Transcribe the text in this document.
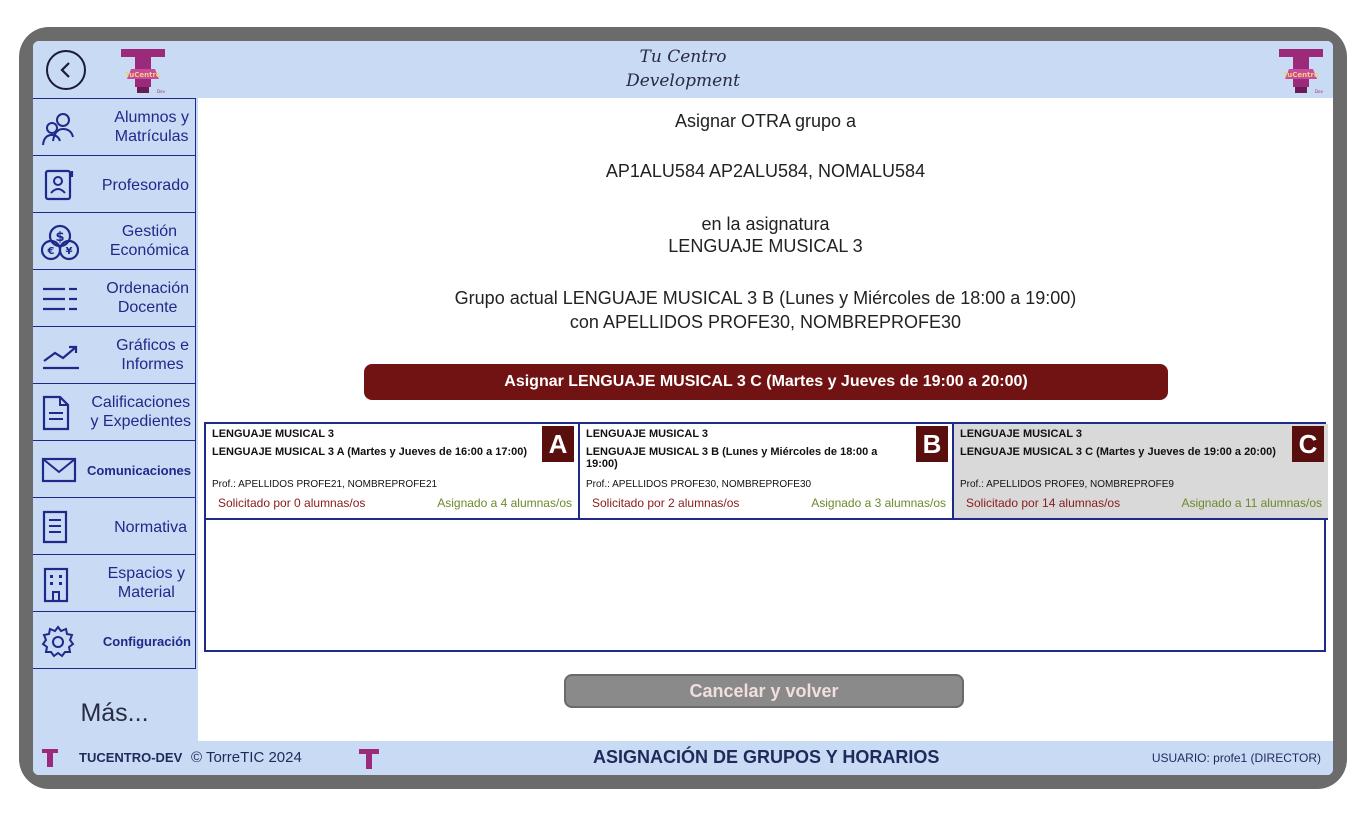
TuCentro
Dev
Tu Centro
Development	TuCentro
Dev
Alumnos y
Matrículas
Profesorado
$
€ ¥
Gestión
Económica
Ordenación
Docente
Gráficos e
Informes
Calificaciones
y Expedientes
Comunicaciones
Normativa
Espacios y
Material
Configuración
Más...
Asignar OTRA grupo a
AP1ALU584 AP2ALU584, NOMALU584
en la asignatura
LENGUAJE MUSICAL 3
Grupo actual LENGUAJE MUSICAL 3 B (Lunes y Miércoles de 18:00 a 19:00)
con APELLIDOS PROFE30, NOMBREPROFE30
Asignar LENGUAJE MUSICAL 3 C (Martes y Jueves de 19:00 a 20:00)
LENGUAJE MUSICAL 3
LENGUAJE MUSICAL 3 A (Martes y Jueves de 16:00 a 17:00)
Prof.: APELLIDOS PROFE21, NOMBREPROFE21
Solicitado por 0 alumnas/os	Asignado a 4 alumnas/os
A	LENGUAJE MUSICAL 3
LENGUAJE MUSICAL 3 B (Lunes y Miércoles de 18:00 a 19:00)
Prof.: APELLIDOS PROFE30, NOMBREPROFE30
Solicitado por 2 alumnas/os	Asignado a 3 alumnas/os
B	LENGUAJE MUSICAL 3
LENGUAJE MUSICAL 3 C (Martes y Jueves de 19:00 a 20:00)
Prof.: APELLIDOS PROFE9, NOMBREPROFE9
Solicitado por 14 alumnas/os	Asignado a 11 alumnas/os
C
Cancelar y volver
TUCENTRO-DEV © TorreTIC 2024	ASIGNACIÓN DE GRUPOS Y HORARIOS	USUARIO: profe1 (DIRECTOR)
